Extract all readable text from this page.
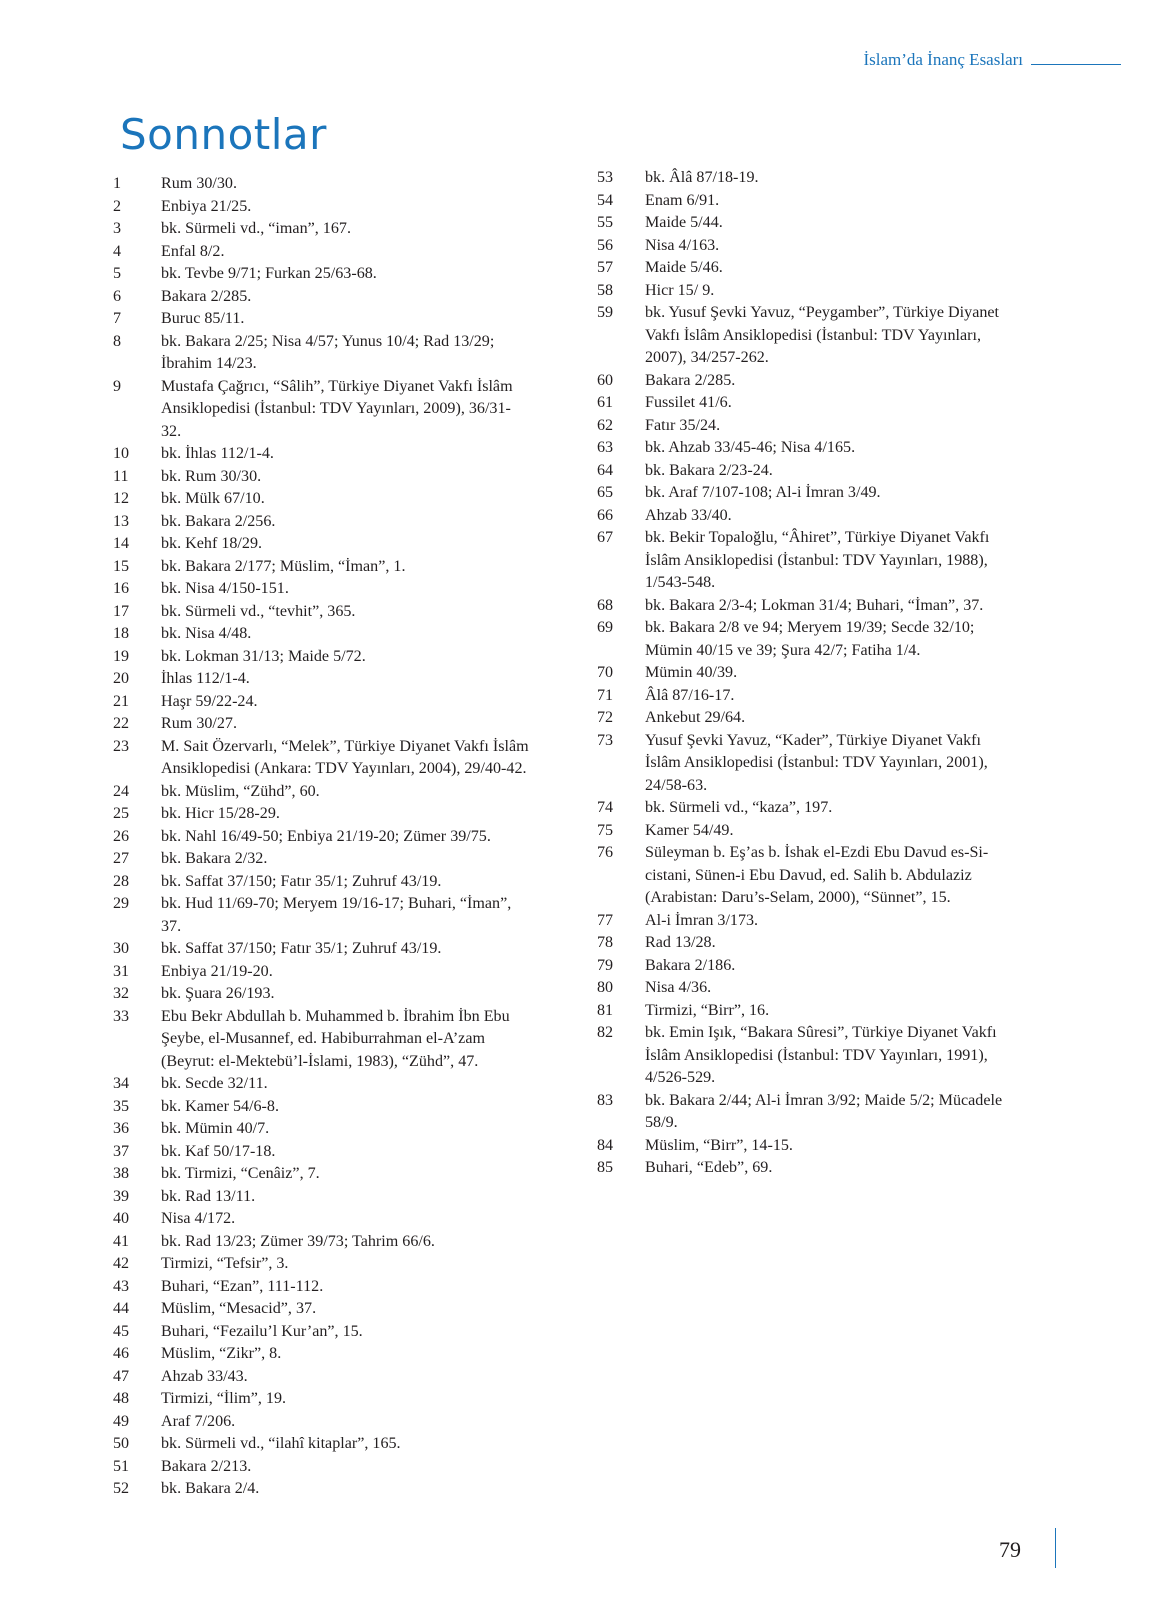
İslam’da İnanç Esasları
Sonnotlar
1	Rum 30/30.
2	Enbiya 21/25.
3	bk. Sürmeli vd., “iman”, 167.
4	Enfal 8/2.
5	bk. Tevbe 9/71; Furkan 25/63-68.
6	Bakara 2/285.
7	Buruc 85/11.
8	bk. Bakara 2/25; Nisa 4/57; Yunus 10/4; Rad 13/29;
İbrahim 14/23.
9	Mustafa Çağrıcı, “Sâlih”, Türkiye Diyanet Vakfı İslâm
Ansiklopedisi (İstanbul: TDV Yayınları, 2009), 36/31-
32.
10	bk. İhlas 112/1-4.
11	bk. Rum 30/30.
12	bk. Mülk 67/10.
13	bk. Bakara 2/256.
14	bk. Kehf 18/29.
15	bk. Bakara 2/177; Müslim, “İman”, 1.
16	bk. Nisa 4/150-151.
17	bk. Sürmeli vd., “tevhit”, 365.
18	bk. Nisa 4/48.
19	bk. Lokman 31/13; Maide 5/72.
20	İhlas 112/1-4.
21	Haşr 59/22-24.
22	Rum 30/27.
23	M. Sait Özervarlı, “Melek”, Türkiye Diyanet Vakfı İslâm
Ansiklopedisi (Ankara: TDV Yayınları, 2004), 29/40-42.
24	bk. Müslim, “Zühd”, 60.
25	bk. Hicr 15/28-29.
26	bk. Nahl 16/49-50; Enbiya 21/19-20; Zümer 39/75.
27	bk. Bakara 2/32.
28	bk. Saffat 37/150; Fatır 35/1; Zuhruf 43/19.
29	bk. Hud 11/69-70; Meryem 19/16-17; Buhari, “İman”,
37.
30	bk. Saffat 37/150; Fatır 35/1; Zuhruf 43/19.
31	Enbiya 21/19-20.
32	bk. Şuara 26/193.
33	Ebu Bekr Abdullah b. Muhammed b. İbrahim İbn Ebu
Şeybe, el-Musannef, ed. Habiburrahman el-A’zam
(Beyrut: el-Mektebü’l-İslami, 1983), “Zühd”, 47.
34	bk. Secde 32/11.
35	bk. Kamer 54/6-8.
36	bk. Mümin 40/7.
37	bk. Kaf 50/17-18.
38	bk. Tirmizi, “Cenâiz”, 7.
39	bk. Rad 13/11.
40	Nisa 4/172.
41	bk. Rad 13/23; Zümer 39/73; Tahrim 66/6.
42	Tirmizi, “Tefsir”, 3.
43	Buhari, “Ezan”, 111-112.
44	Müslim, “Mesacid”, 37.
45	Buhari, “Fezailu’l Kur’an”, 15.
46	Müslim, “Zikr”, 8.
47	Ahzab 33/43.
48	Tirmizi, “İlim”, 19.
49	Araf 7/206.
50	bk. Sürmeli vd., “ilahî kitaplar”, 165.
51	Bakara 2/213.
52	bk. Bakara 2/4.
53	bk. Âlâ 87/18-19.
54	Enam 6/91.
55	Maide 5/44.
56	Nisa 4/163.
57	Maide 5/46.
58	Hicr 15/ 9.
59	bk. Yusuf Şevki Yavuz, “Peygamber”, Türkiye Diyanet
Vakfı İslâm Ansiklopedisi (İstanbul: TDV Yayınları,
2007), 34/257-262.
60	Bakara 2/285.
61	Fussilet 41/6.
62	Fatır 35/24.
63	bk. Ahzab 33/45-46; Nisa 4/165.
64	bk. Bakara 2/23-24.
65	bk. Araf 7/107-108; Al-i İmran 3/49.
66	Ahzab 33/40.
67	bk. Bekir Topaloğlu, “Âhiret”, Türkiye Diyanet Vakfı
İslâm Ansiklopedisi (İstanbul: TDV Yayınları, 1988),
1/543-548.
68	bk. Bakara 2/3-4; Lokman 31/4; Buhari, “İman”, 37.
69	bk. Bakara 2/8 ve 94; Meryem 19/39; Secde 32/10;
Mümin 40/15 ve 39; Şura 42/7; Fatiha 1/4.
70	Mümin 40/39.
71	Âlâ 87/16-17.
72	Ankebut 29/64.
73	Yusuf Şevki Yavuz, “Kader”, Türkiye Diyanet Vakfı
İslâm Ansiklopedisi (İstanbul: TDV Yayınları, 2001),
24/58-63.
74	bk. Sürmeli vd., “kaza”, 197.
75	Kamer 54/49.
76	Süleyman b. Eş’as b. İshak el-Ezdi Ebu Davud es-Si-
cistani, Sünen-i Ebu Davud, ed. Salih b. Abdulaziz
(Arabistan: Daru’s-Selam, 2000), “Sünnet”, 15.
77	Al-i İmran 3/173.
78	Rad 13/28.
79	Bakara 2/186.
80	Nisa 4/36.
81	Tirmizi, “Birr”, 16.
82	bk. Emin Işık, “Bakara Sûresi”, Türkiye Diyanet Vakfı
İslâm Ansiklopedisi (İstanbul: TDV Yayınları, 1991),
4/526-529.
83	bk. Bakara 2/44; Al-i İmran 3/92; Maide 5/2; Mücadele
58/9.
84	Müslim, “Birr”, 14-15.
85	Buhari, “Edeb”, 69.
79
